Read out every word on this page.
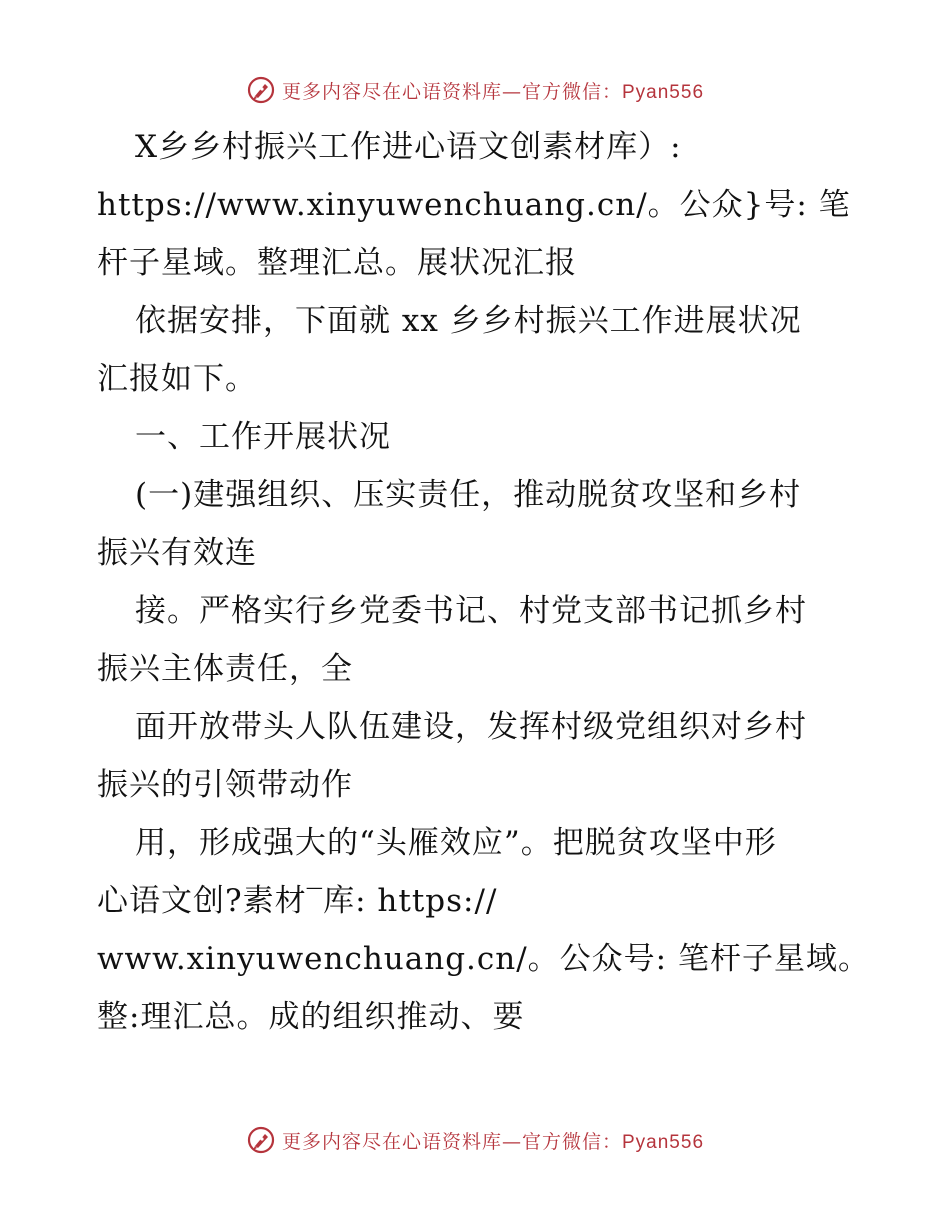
更多内容尽在心语资料库—官方微信：Pyan556
X乡乡村振兴工作进心语文创素材库）:
https://www.xinyuwenchuang.cn/。公众}号: 笔
杆子星域。整理汇总。展状况汇报
依据安排，下面就 xx 乡乡村振兴工作进展状况
汇报如下。
一、工作开展状况
(一)建强组织、压实责任，推动脱贫攻坚和乡村
振兴有效连
接。严格实行乡党委书记、村党支部书记抓乡村
振兴主体责任，全
面开放带头人队伍建设，发挥村级党组织对乡村
振兴的引领带动作
用，形成强大的“头雁效应”。把脱贫攻坚中形
心语文创?素材‾库: https://
www.xinyuwenchuang.cn/。公众号: 笔杆子星域。
整:理汇总。成的组织推动、要
更多内容尽在心语资料库—官方微信：Pyan556
